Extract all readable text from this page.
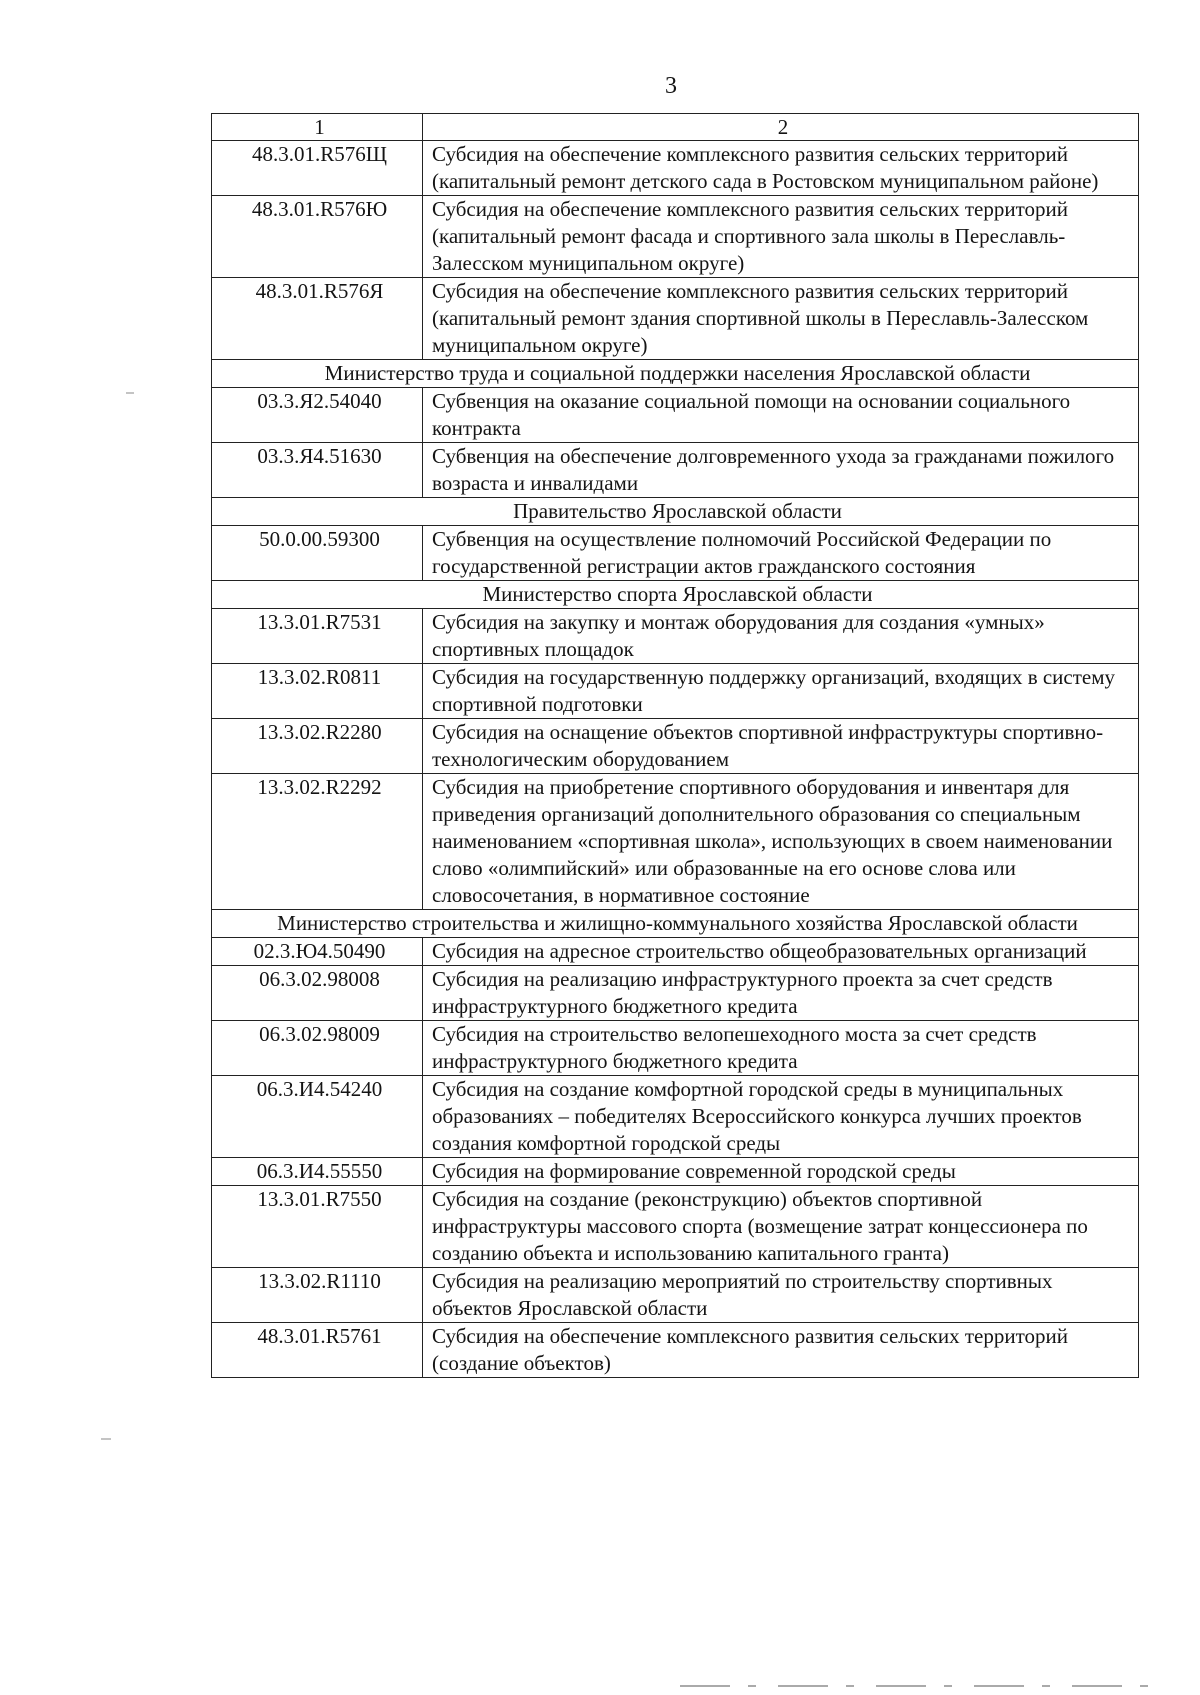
3
1	2
48.3.01.R576Щ	Субсидия на обеспечение комплексного развития сельских территорий (капитальный ремонт детского сада в Ростовском муниципальном районе)
48.3.01.R576Ю	Субсидия на обеспечение комплексного развития сельских территорий (капитальный ремонт фасада и спортивного зала школы в Переславль-Залесском муниципальном округе)
48.3.01.R576Я	Субсидия на обеспечение комплексного развития сельских территорий (капитальный ремонт здания спортивной школы в Переславль-Залесском муниципальном округе)
Министерство труда и социальной поддержки населения Ярославской области	
03.3.Я2.54040	Субвенция на оказание социальной помощи на основании социального контракта
03.3.Я4.51630	Субвенция на обеспечение долговременного ухода за гражданами пожилого возраста и инвалидами
Правительство Ярославской области	
50.0.00.59300	Субвенция на осуществление полномочий Российской Федерации по государственной регистрации актов гражданского состояния
Министерство спорта Ярославской области	
13.3.01.R7531	Субсидия на закупку и монтаж оборудования для создания «умных» спортивных площадок
13.3.02.R0811	Субсидия на государственную поддержку организаций, входящих в систему спортивной подготовки
13.3.02.R2280	Субсидия на оснащение объектов спортивной инфраструктуры спортивно-технологическим оборудованием
13.3.02.R2292	Субсидия на приобретение спортивного оборудования и инвентаря для приведения организаций дополнительного образования со специальным наименованием «спортивная школа», использующих в своем наименовании слово «олимпийский» или образованные на его основе слова или словосочетания, в нормативное состояние
Министерство строительства и жилищно-коммунального хозяйства Ярославской области	
02.3.Ю4.50490	Субсидия на адресное строительство общеобразовательных организаций
06.3.02.98008	Субсидия на реализацию инфраструктурного проекта за счет средств инфраструктурного бюджетного кредита
06.3.02.98009	Субсидия на строительство велопешеходного моста за счет средств инфраструктурного бюджетного кредита
06.3.И4.54240	Субсидия на создание комфортной городской среды в муниципальных образованиях – победителях Всероссийского конкурса лучших проектов создания комфортной городской среды
06.3.И4.55550	Субсидия на формирование современной городской среды
13.3.01.R7550	Субсидия на создание (реконструкцию) объектов спортивной инфраструктуры массового спорта (возмещение затрат концессионера по созданию объекта и использованию капитального гранта)
13.3.02.R1110	Субсидия на реализацию мероприятий по строительству спортивных объектов Ярославской области
48.3.01.R5761	Субсидия на обеспечение комплексного развития сельских территорий (создание объектов)
